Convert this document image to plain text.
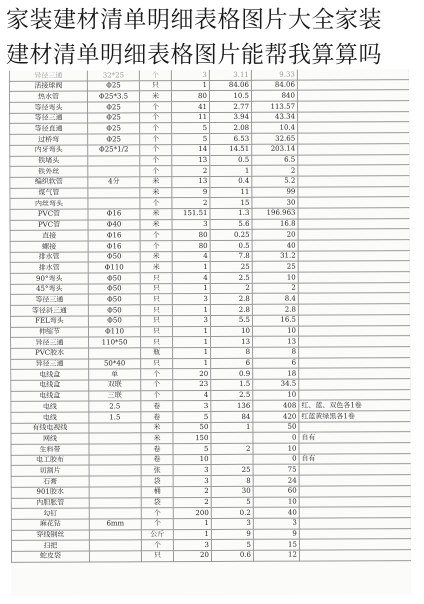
家装建材清单明细表格图片大全家装
建材清单明细表格图片能帮我算算吗
异径三通	32*25	个	3	3.11	9.33	
活接球阀	Φ25	只	1	84.06	84.06	
热水管	Φ25*3.5	米	80	10.5	840	
等径弯头	Φ25	个	41	2.77	113.57	
等径三通	Φ25	个	11	3.94	43.34	
等径直通	Φ25	个	5	2.08	10.4	
过桥弯	Φ25	个	5	6.53	32.65	
内牙弯头	Φ25*1/2	个	14	14.51	203.14	
铁堵头		个	13	0.5	6.5	
铁外丝		个	2	1	2	
编织软管	4分	米	13	0.4	5.2	
煤气管		米	9	11	99	
内丝弯头		个	2	15	30	
PVC管	Φ16	米	151.51	1.3	196.963	
PVC管	Φ40	米	3	5.6	16.8	
直接	Φ16	个	80	0.25	20	
螺接	Φ16	个	80	0.5	40	
排水管	Φ50	米	4	7.8	31.2	
排水管	Φ110	米	1	25	25	
90°弯头	Φ50	只	4	2.5	10	
45°弯头	Φ50	只	1	2	2	
等径三通	Φ50	只	3	2.8	8.4	
等径斜三通	Φ50	只	1	2.8	2.8	
FEL弯头	Φ50	只	3	5.5	16.5	
伸缩节	Φ110	只	1	10	10	
异径三通	110*50	只	1	13	13	
PVC胶水		瓶	1	8	8	
异径三通	50*40	只	1	6	6	
电线盒	单	个	20	0.9	18	
电线盒	双联	个	23	1.5	34.5	
电线盒	三联	个	4	2.5	10	
电线	2.5	卷	3	136	408	红、蓝、双色各1卷
电线	1.5	卷	5	84	420	红蓝黄绿黑各1卷
有线电视线		米	50	1	50	
网线		米	150		0	自有
生料带		卷	5	2	10	
电工胶布		卷	10		0	自有
切割片		张	3	25	75	
石膏		袋	3	8	24	
901胶水		桶	2	30	60	
内胆胀管		袋	2	5	10	
勾钉		个	200	0.2	40	
麻花钻	6mm	个	1	3	3	
穿线钢丝		公斤	1	9	9	
扫把		个	3	5	15	
蛇皮袋		只	20	0.6	12	
